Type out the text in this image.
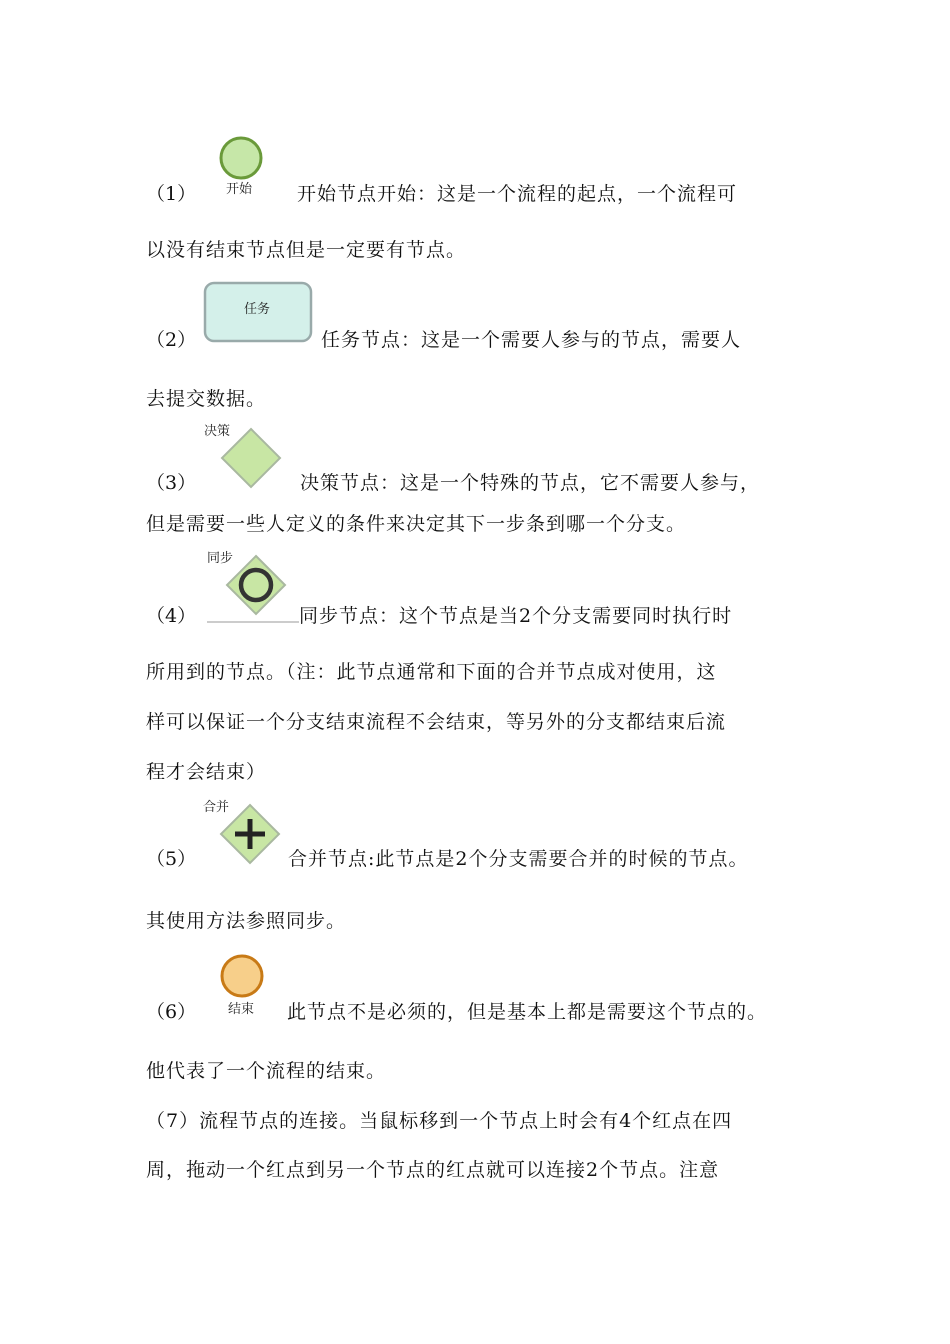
（1） 开始 开始节点开始：这是一个流程的起点，一个流程可
以没有结束节点但是一定要有节点。
（2）
任务
任务节点：这是一个需要人参与的节点，需要人
去提交数据。
决策
（3）	决策节点：这是一个特殊的节点，它不需要人参与，
但是需要一些人定义的条件来决定其下一步条到哪一个分支。
同步
（4）	同步节点：这个节点是当2个分支需要同时执行时
所用到的节点。（注：此节点通常和下面的合并节点成对使用，这
样可以保证一个分支结束流程不会结束，等另外的分支都结束后流
程才会结束）
合并
（5）	合并节点:此节点是2个分支需要合并的时候的节点。
其使用方法参照同步。
结束
（6）	此节点不是必须的，但是基本上都是需要这个节点的。
他代表了一个流程的结束。
（7）流程节点的连接。当鼠标移到一个节点上时会有4个红点在四
周，拖动一个红点到另一个节点的红点就可以连接2个节点。注意
